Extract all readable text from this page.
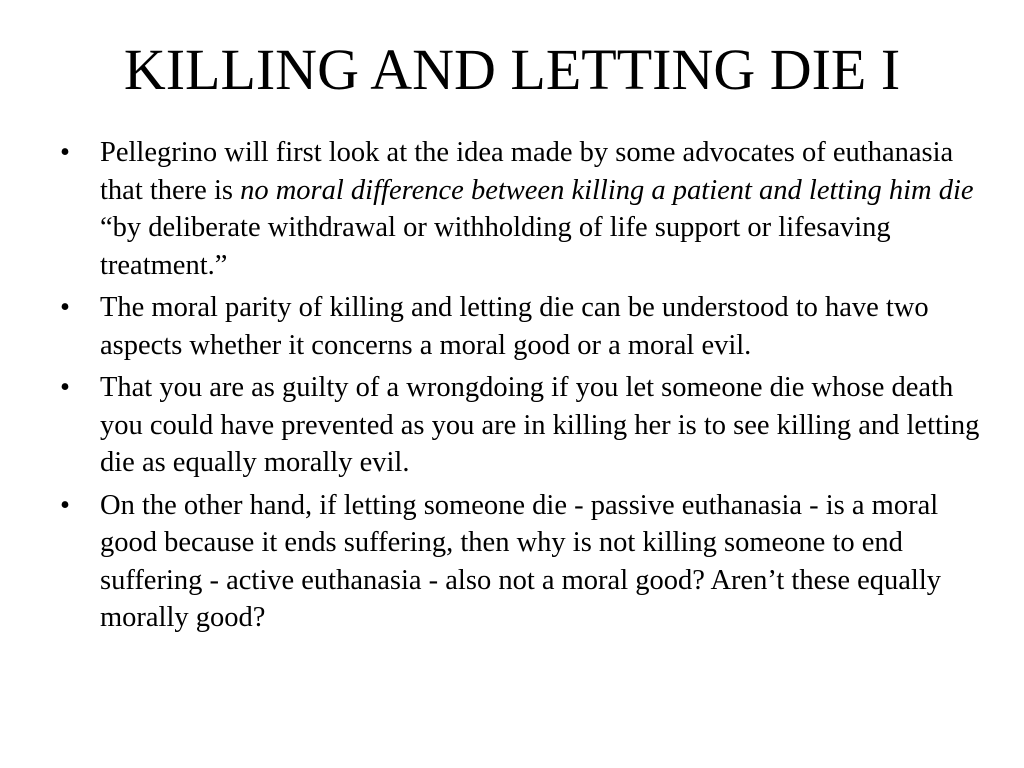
KILLING AND LETTING DIE I
•	Pellegrino will first look at the idea made by some advocates of euthanasia that there is no moral difference between killing a patient and letting him die “by deliberate withdrawal or withholding of life support or lifesaving treatment.”
•	The moral parity of killing and letting die can be understood to have two aspects whether it concerns a moral good or a moral evil.
•	That you are as guilty of a wrongdoing if you let someone die whose death you could have prevented as you are in killing her is to see killing and letting die as equally morally evil.
•	On the other hand, if letting someone die - passive euthanasia - is a moral good because it ends suffering, then why is not killing someone to end suffering - active euthanasia - also not a moral good? Aren’t these equally morally good?
